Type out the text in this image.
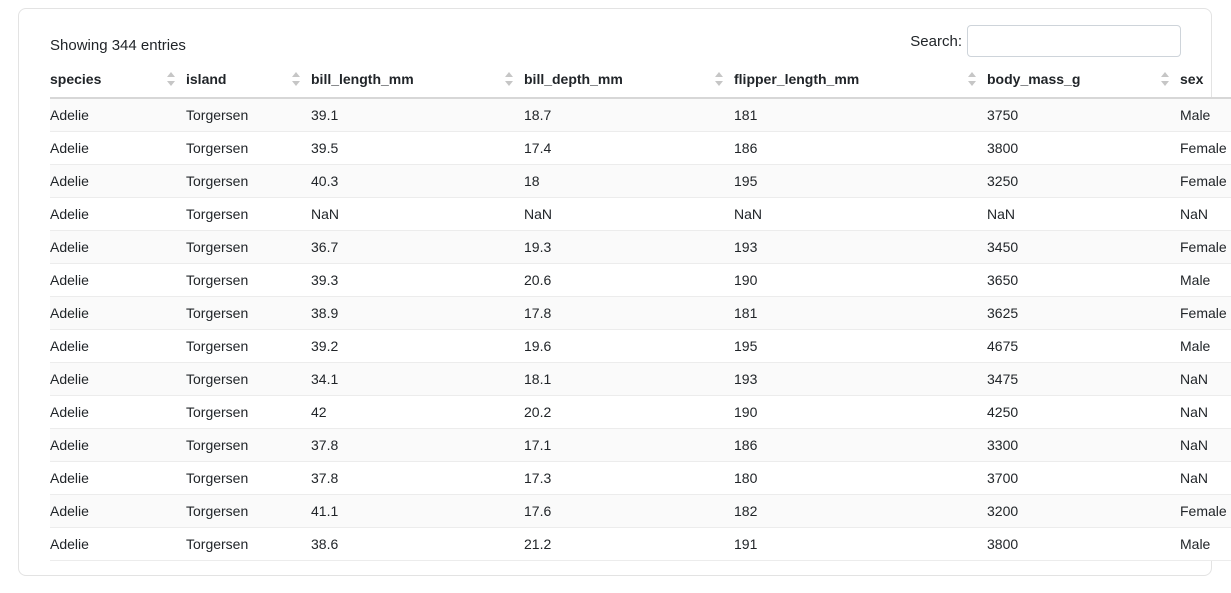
Showing 344 entries	Search:
species	island	bill_length_mm	bill_depth_mm	flipper_length_mm	body_mass_g	sex

Adelie	Torgersen	39.1	18.7	181	3750	Male
Adelie	Torgersen	39.5	17.4	186	3800	Female
Adelie	Torgersen	40.3	18	195	3250	Female
Adelie	Torgersen	NaN	NaN	NaN	NaN	NaN
Adelie	Torgersen	36.7	19.3	193	3450	Female
Adelie	Torgersen	39.3	20.6	190	3650	Male
Adelie	Torgersen	38.9	17.8	181	3625	Female
Adelie	Torgersen	39.2	19.6	195	4675	Male
Adelie	Torgersen	34.1	18.1	193	3475	NaN
Adelie	Torgersen	42	20.2	190	4250	NaN
Adelie	Torgersen	37.8	17.1	186	3300	NaN
Adelie	Torgersen	37.8	17.3	180	3700	NaN
Adelie	Torgersen	41.1	17.6	182	3200	Female
Adelie	Torgersen	38.6	21.2	191	3800	Male
